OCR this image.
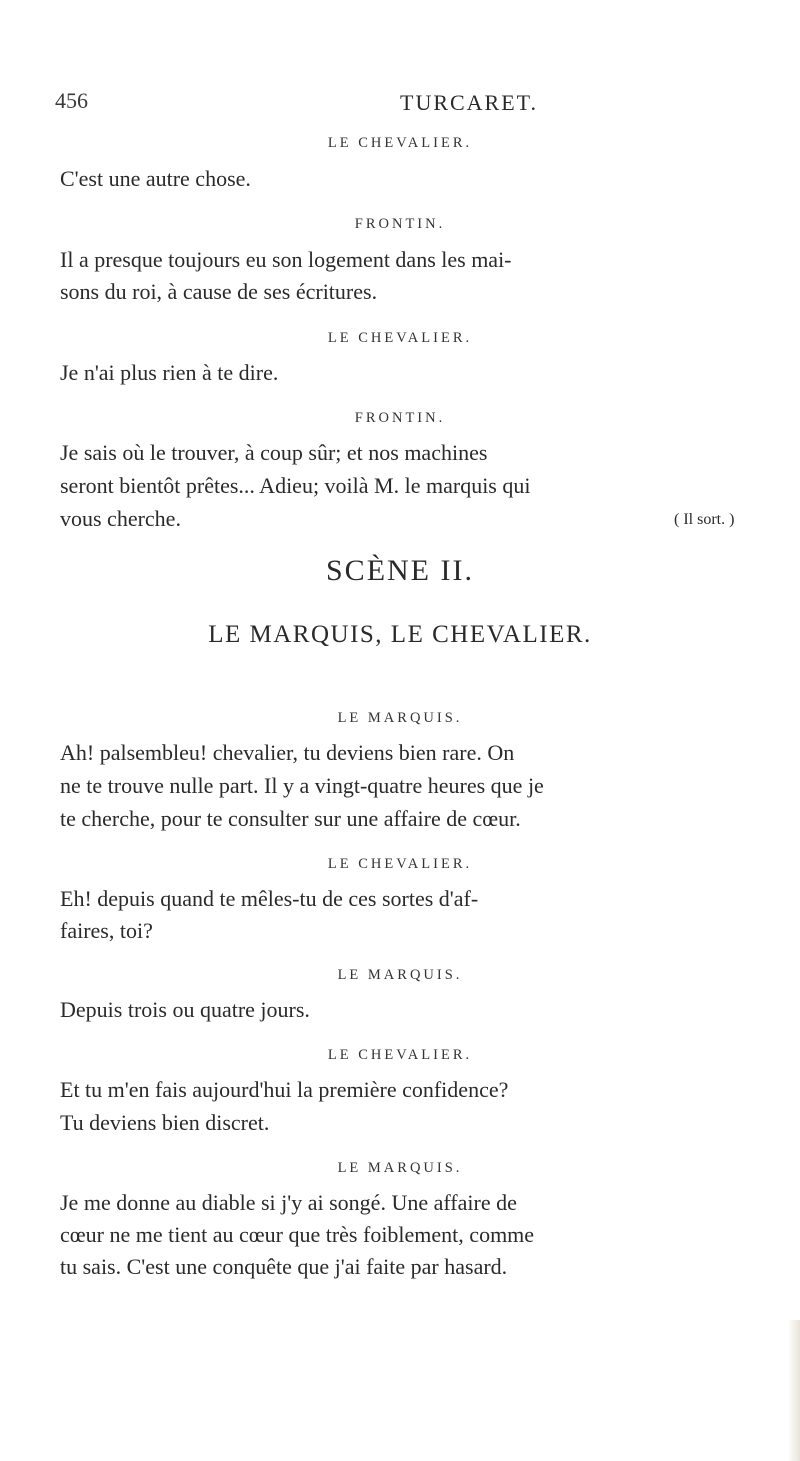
456	TURCARET.
LE CHEVALIER.
C'est une autre chose.
FRONTIN.
Il a presque toujours eu son logement dans les mai-
sons du roi, à cause de ses écritures.
LE CHEVALIER.
Je n'ai plus rien à te dire.
FRONTIN.
Je sais où le trouver, à coup sûr; et nos machines
seront bientôt prêtes... Adieu; voilà M. le marquis qui
vous cherche.	( Il sort. )
SCÈNE II.
LE MARQUIS, LE CHEVALIER.
LE MARQUIS.
Ah! palsembleu! chevalier, tu deviens bien rare. On
ne te trouve nulle part. Il y a vingt-quatre heures que je
te cherche, pour te consulter sur une affaire de cœur.
LE CHEVALIER.
Eh! depuis quand te mêles-tu de ces sortes d'af-
faires, toi?
LE MARQUIS.
Depuis trois ou quatre jours.
LE CHEVALIER.
Et tu m'en fais aujourd'hui la première confidence?
Tu deviens bien discret.
LE MARQUIS.
Je me donne au diable si j'y ai songé. Une affaire de
cœur ne me tient au cœur que très foiblement, comme
tu sais. C'est une conquête que j'ai faite par hasard.
